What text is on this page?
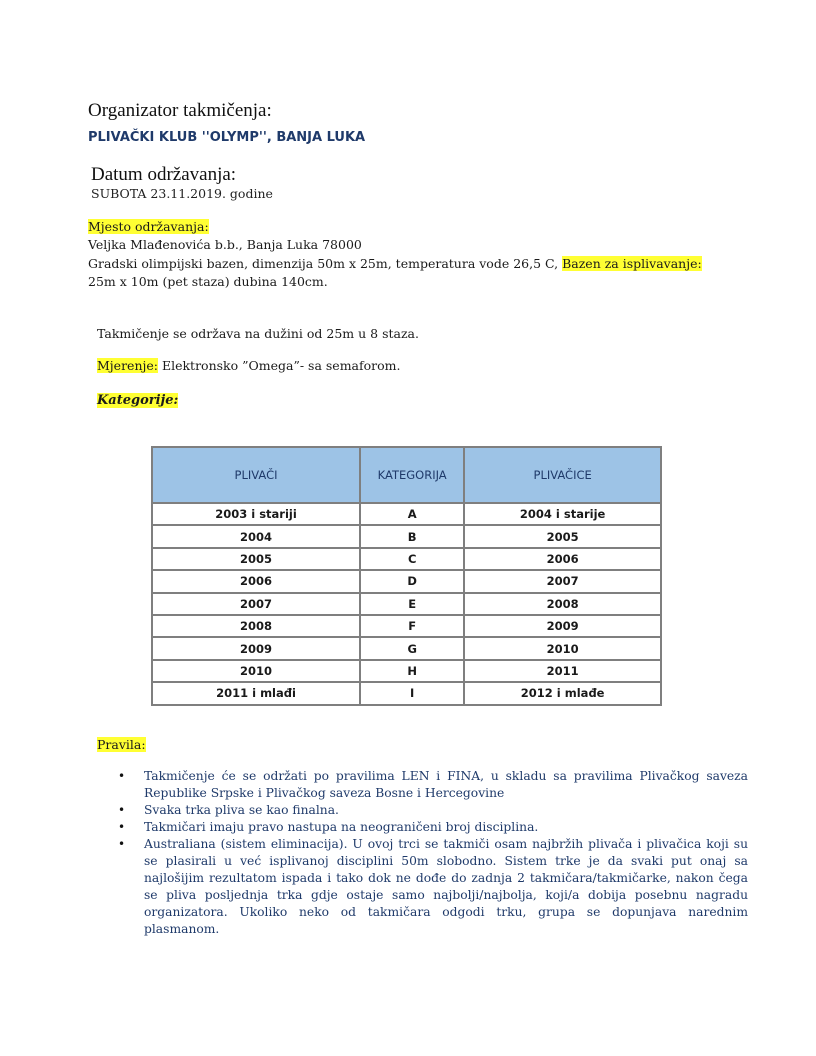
Organizator takmičenja:
PLIVAČKI KLUB ''OLYMP'', BANJA LUKA
Datum održavanja:
SUBOTA 23.11.2019. godine
Mjesto održavanja:
Veljka Mlađenovića b.b., Banja Luka 78000
Gradski olimpijski bazen, dimenzija 50m x 25m, temperatura vode 26,5 C, Bazen za isplivavanje: 25m x 10m (pet staza) dubina 140cm.
Takmičenje se održava na dužini od 25m u 8 staza.
Mjerenje: Elektronsko ”Omega”- sa semaforom.
Kategorije:
PLIVAČI	KATEGORIJA	PLIVAČICE
2003 i stariji	A	2004 i starije
2004	B	2005
2005	C	2006
2006	D	2007
2007	E	2008
2008	F	2009
2009	G	2010
2010	H	2011
2011 i mlađi	I	2012 i mlađe
Pravila:
• Takmičenje će se održati po pravilima LEN i FINA, u skladu sa pravilima Plivačkog saveza Republike Srpske i Plivačkog saveza Bosne i Hercegovine
• Svaka trka pliva se kao finalna.
• Takmičari imaju pravo nastupa na neograničeni broj disciplina.
• Australiana (sistem eliminacija). U ovoj trci se takmiči osam najbržih plivača i plivačica koji su se plasirali u već isplivanoj disciplini 50m slobodno. Sistem trke je da svaki put onaj sa najlošijim rezultatom ispada i tako dok ne dođe do zadnja 2 takmičara/takmičarke, nakon čega se pliva posljednja trka gdje ostaje samo najbolji/najbolja, koji/a dobija posebnu nagradu organizatora. Ukoliko neko od takmičara odgodi trku, grupa se dopunjava narednim plasmanom.
